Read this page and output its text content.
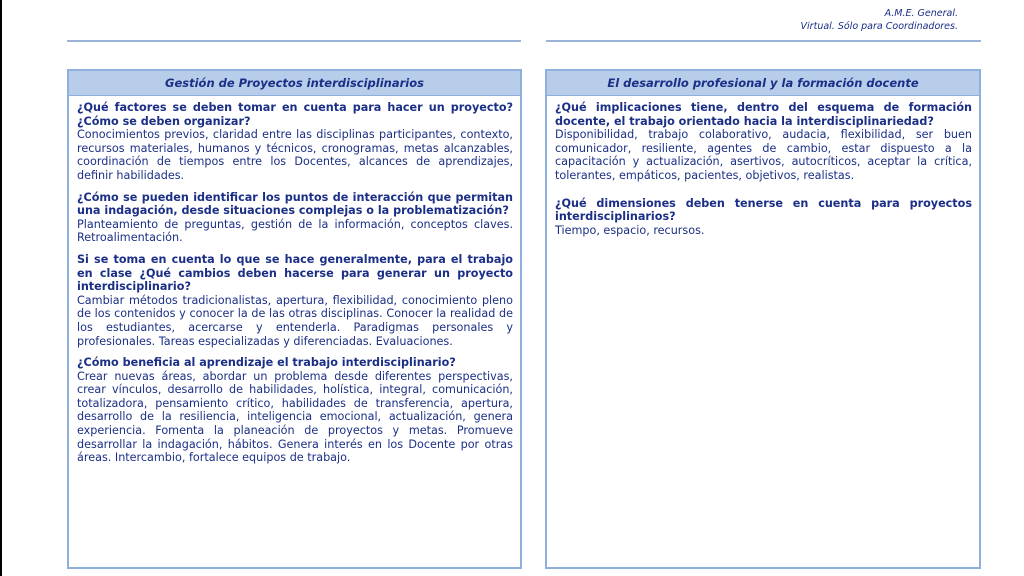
A.M.E. General.
Virtual. Sólo para Coordinadores.
Gestión de Proyectos interdisciplinarios
¿Qué factores se deben tomar en cuenta para hacer un proyecto? ¿Cómo se deben organizar?
Conocimientos previos, claridad entre las disciplinas participantes, contexto, recursos materiales, humanos y técnicos, cronogramas, metas alcanzables, coordinación de tiempos entre los Docentes, alcances de aprendizajes, definir habilidades.
¿Cómo se pueden identificar los puntos de interacción que permitan una indagación, desde situaciones complejas o la problematización?
Planteamiento de preguntas, gestión de la información, conceptos claves. Retroalimentación.
Si se toma en cuenta lo que se hace generalmente, para el trabajo en clase ¿Qué cambios deben hacerse para generar un proyecto interdisciplinario?
Cambiar métodos tradicionalistas, apertura, flexibilidad, conocimiento pleno de los contenidos y conocer la de las otras disciplinas. Conocer la realidad de los estudiantes, acercarse y entenderla. Paradigmas personales y profesionales. Tareas especializadas y diferenciadas. Evaluaciones.
¿Cómo beneficia al aprendizaje el trabajo interdisciplinario?
Crear nuevas áreas, abordar un problema desde diferentes perspectivas, crear vínculos, desarrollo de habilidades, holística, integral, comunicación, totalizadora, pensamiento crítico, habilidades de transferencia, apertura, desarrollo de la resiliencia, inteligencia emocional, actualización, genera experiencia. Fomenta la planeación de proyectos y metas. Promueve desarrollar la indagación, hábitos. Genera interés en los Docente por otras áreas. Intercambio, fortalece equipos de trabajo.
El desarrollo profesional y la formación docente
¿Qué implicaciones tiene, dentro del esquema de formación docente, el trabajo orientado hacia la interdisciplinariedad?
Disponibilidad, trabajo colaborativo, audacia, flexibilidad, ser buen comunicador, resiliente, agentes de cambio, estar dispuesto a la capacitación y actualización, asertivos, autocríticos, aceptar la crítica, tolerantes, empáticos, pacientes, objetivos, realistas.
¿Qué dimensiones deben tenerse en cuenta para proyectos interdisciplinarios?
Tiempo, espacio, recursos.
